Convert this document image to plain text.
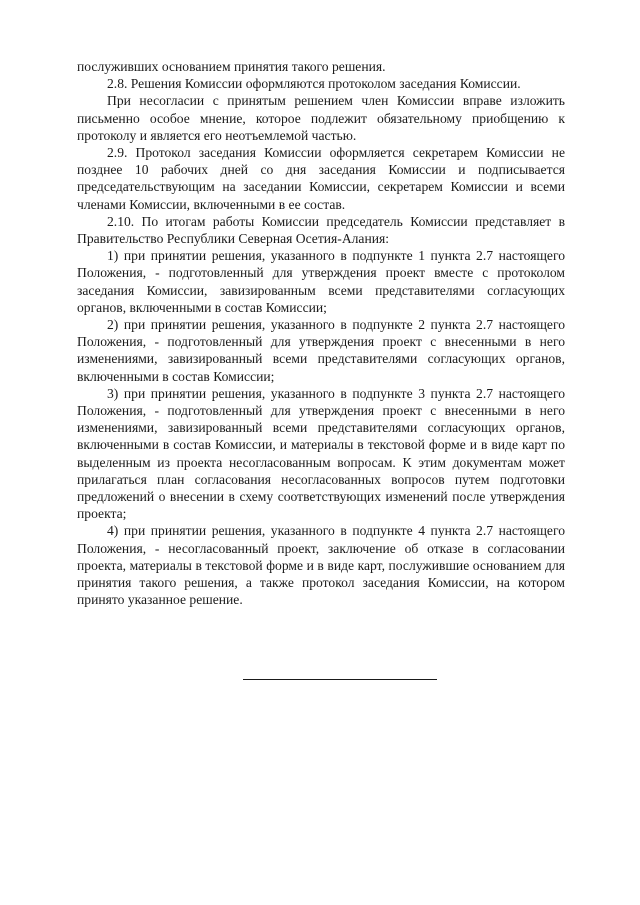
послуживших основанием принятия такого решения.

2.8. Решения Комиссии оформляются протоколом заседания Комиссии.

При несогласии с принятым решением член Комиссии вправе изложить письменно особое мнение, которое подлежит обязательному приобщению к протоколу и является его неотъемлемой частью.

2.9. Протокол заседания Комиссии оформляется секретарем Комиссии не позднее 10 рабочих дней со дня заседания Комиссии и подписывается председательствующим на заседании Комиссии, секретарем Комиссии и всеми членами Комиссии, включенными в ее состав.

2.10. По итогам работы Комиссии председатель Комиссии представляет в Правительство Республики Северная Осетия-Алания:

1) при принятии решения, указанного в подпункте 1 пункта 2.7 настоящего Положения, - подготовленный для утверждения проект вместе с протоколом заседания Комиссии, завизированным всеми представителями согласующих органов, включенными в состав Комиссии;

2) при принятии решения, указанного в подпункте 2 пункта 2.7 настоящего Положения, - подготовленный для утверждения проект с внесенными в него изменениями, завизированный всеми представителями согласующих органов, включенными в состав Комиссии;

3) при принятии решения, указанного в подпункте 3 пункта 2.7 настоящего Положения, - подготовленный для утверждения проект с внесенными в него изменениями, завизированный всеми представителями согласующих органов, включенными в состав Комиссии, и материалы в текстовой форме и в виде карт по выделенным из проекта несогласованным вопросам. К этим документам может прилагаться план согласования несогласованных вопросов путем подготовки предложений о внесении в схему соответствующих изменений после утверждения проекта;

4) при принятии решения, указанного в подпункте 4 пункта 2.7 настоящего Положения, - несогласованный проект, заключение об отказе в согласовании проекта, материалы в текстовой форме и в виде карт, послужившие основанием для принятия такого решения, а также протокол заседания Комиссии, на котором принято указанное решение.
